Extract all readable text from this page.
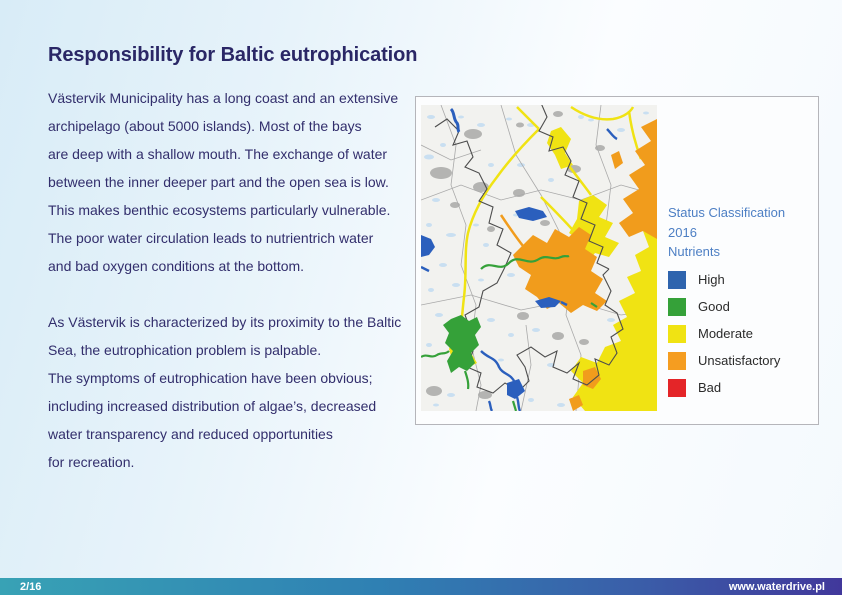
Responsibility for Baltic eutrophication
Västervik Municipality has a long coast and an extensive
archipelago (about 5000 islands). Most of the bays
are deep with a shallow mouth. The exchange of water
between the inner deeper part and the open sea is low.
This makes benthic ecosystems particularly vulnerable.
The poor water circulation leads to nutrientrich water
and bad oxygen conditions at the bottom.
As Västervik is characterized by its proximity to the Baltic
Sea, the eutrophication problem is palpable.
The symptoms of eutrophication have been obvious;
including increased distribution of algae’s, decreased
water transparency and reduced opportunities
for recreation.
Status Classification
2016
Nutrients
High
Good
Moderate
Unsatisfactory
Bad
2/16	www.waterdrive.pl
